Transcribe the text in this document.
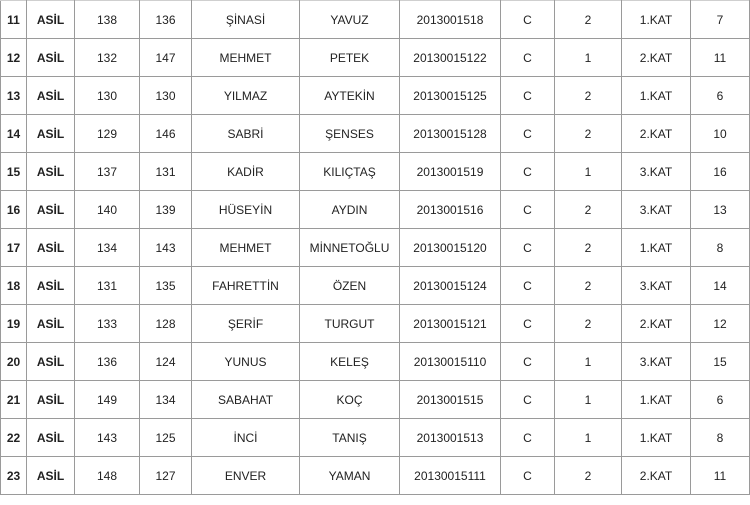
11	ASİL	138	136	ŞİNASİ	YAVUZ	2013001518	C	2	1.KAT	7
12	ASİL	132	147	MEHMET	PETEK	20130015122	C	1	2.KAT	11
13	ASİL	130	130	YILMAZ	AYTEKİN	20130015125	C	2	1.KAT	6
14	ASİL	129	146	SABRİ	ŞENSES	20130015128	C	2	2.KAT	10
15	ASİL	137	131	KADİR	KILIÇTAŞ	2013001519	C	1	3.KAT	16
16	ASİL	140	139	HÜSEYİN	AYDIN	2013001516	C	2	3.KAT	13
17	ASİL	134	143	MEHMET	MİNNETOĞLU	20130015120	C	2	1.KAT	8
18	ASİL	131	135	FAHRETTİN	ÖZEN	20130015124	C	2	3.KAT	14
19	ASİL	133	128	ŞERİF	TURGUT	20130015121	C	2	2.KAT	12
20	ASİL	136	124	YUNUS	KELEŞ	20130015110	C	1	3.KAT	15
21	ASİL	149	134	SABAHAT	KOÇ	2013001515	C	1	1.KAT	6
22	ASİL	143	125	İNCİ	TANIŞ	2013001513	C	1	1.KAT	8
23	ASİL	148	127	ENVER	YAMAN	20130015111	C	2	2.KAT	11
